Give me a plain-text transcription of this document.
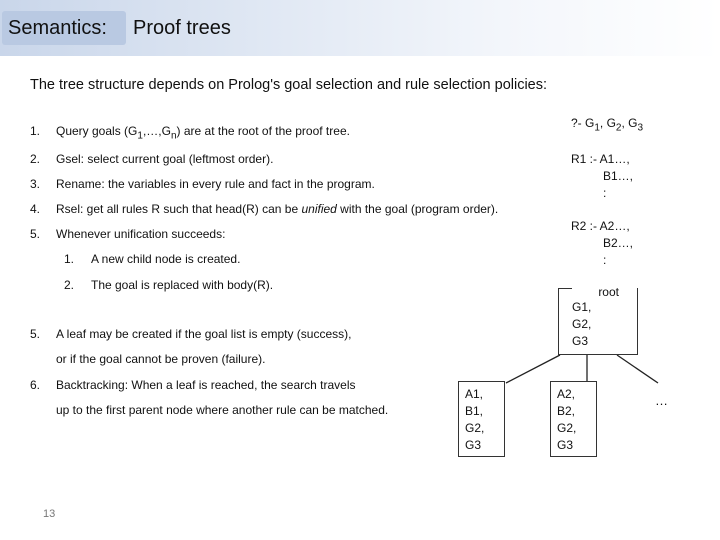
Semantics:	Proof trees
The tree structure depends on Prolog's goal selection and rule selection policies:
1. Query goals $(G_1,\dots,G_n)$ are at the root of the proof tree.
2. Gsel: select current goal (leftmost order).
3. Rename: the variables in every rule and fact in the program.
4. Rsel: get all rules R such that head(R) can be unified with the goal (program order).
5. Whenever unification succeeds:
1. A new child node is created.
2. The goal is replaced with body(R).
5. A leaf may be created if the goal list is empty (success),
or if the goal cannot be proven (failure).
6. Backtracking: When a leaf is reached, the search travels
up to the first parent node where another rule can be matched.
?- $G_1$, $G_2$, $G_3$
R1 :- A1…,
B1…,
:
R2 :- A2…,
B2…,
:
root
G1,
G2,
G3
A1,
B1,
G2,
G3
A2,
B2,
G2,
G3
…
13
